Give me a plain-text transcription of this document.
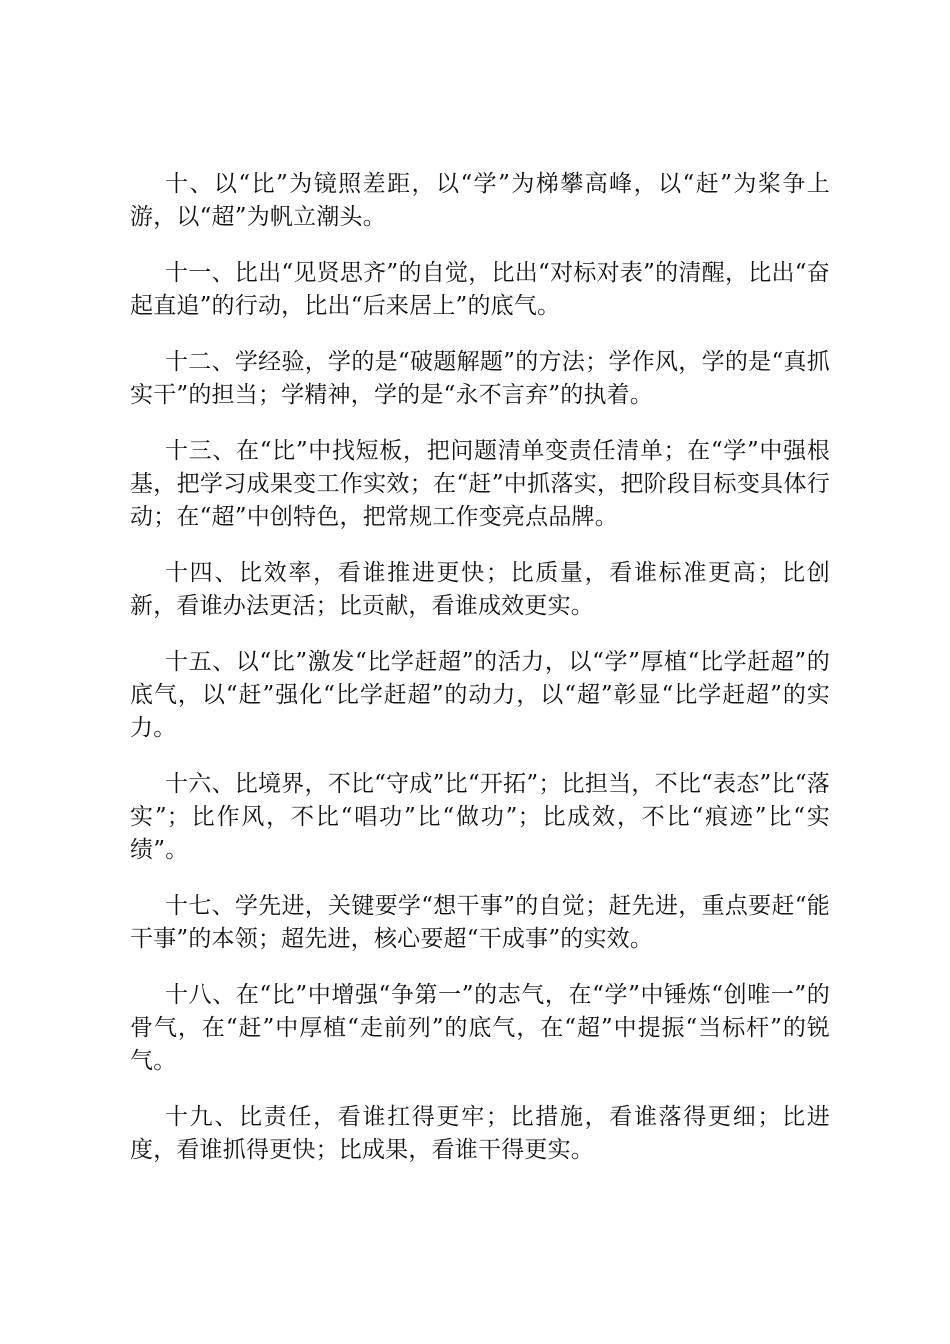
十、以“比”为镜照差距，以“学”为梯攀高峰，以“赶”为桨争上游，以“超”为帆立潮头。

十一、比出“见贤思齐”的自觉，比出“对标对表”的清醒，比出“奋起直追”的行动，比出“后来居上”的底气。

十二、学经验，学的是“破题解题”的方法；学作风，学的是“真抓实干”的担当；学精神，学的是“永不言弃”的执着。

十三、在“比”中找短板，把问题清单变责任清单；在“学”中强根基，把学习成果变工作实效；在“赶”中抓落实，把阶段目标变具体行动；在“超”中创特色，把常规工作变亮点品牌。

十四、比效率，看谁推进更快；比质量，看谁标准更高；比创新，看谁办法更活；比贡献，看谁成效更实。

十五、以“比”激发“比学赶超”的活力，以“学”厚植“比学赶超”的底气，以“赶”强化“比学赶超”的动力，以“超”彰显“比学赶超”的实力。

十六、比境界，不比“守成”比“开拓”；比担当，不比“表态”比“落实”；比作风，不比“唱功”比“做功”；比成效，不比“痕迹”比“实绩”。

十七、学先进，关键要学“想干事”的自觉；赶先进，重点要赶“能干事”的本领；超先进，核心要超“干成事”的实效。

十八、在“比”中增强“争第一”的志气，在“学”中锤炼“创唯一”的骨气，在“赶”中厚植“走前列”的底气，在“超”中提振“当标杆”的锐气。

十九、比责任，看谁扛得更牢；比措施，看谁落得更细；比进度，看谁抓得更快；比成果，看谁干得更实。
